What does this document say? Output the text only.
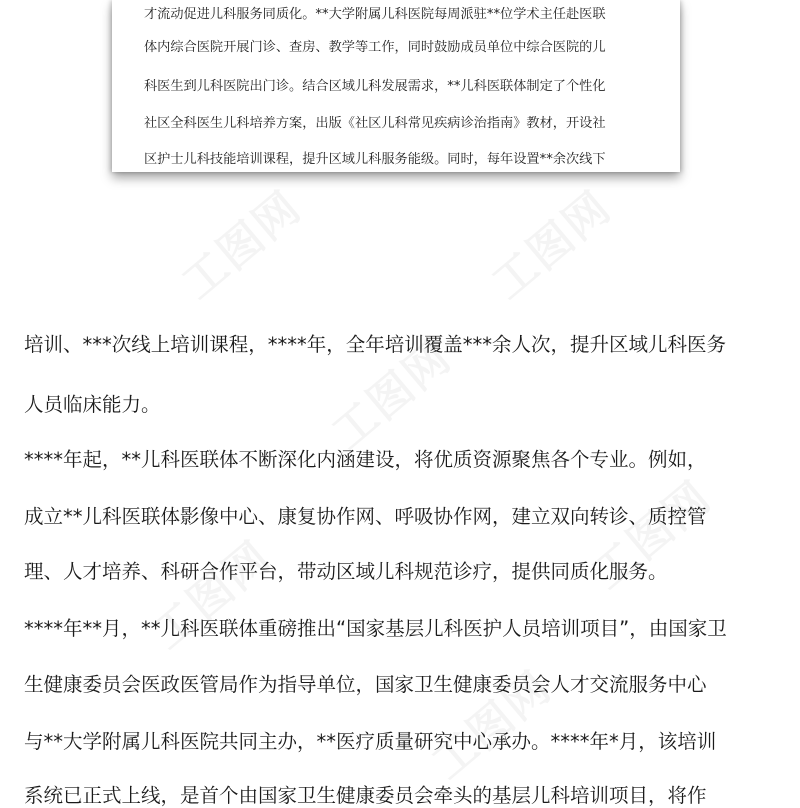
才流动促进儿科服务同质化。**大学附属儿科医院每周派驻**位学术主任赴医联
体内综合医院开展门诊、查房、教学等工作，同时鼓励成员单位中综合医院的儿
科医生到儿科医院出门诊。结合区域儿科发展需求，**儿科医联体制定了个性化
社区全科医生儿科培养方案，出版《社区儿科常见疾病诊治指南》教材，开设社
区护士儿科技能培训课程，提升区域儿科服务能级。同时，每年设置**余次线下
培训、***次线上培训课程，****年，全年培训覆盖***余人次，提升区域儿科医务
人员临床能力。
****年起，**儿科医联体不断深化内涵建设，将优质资源聚焦各个专业。例如，
成立**儿科医联体影像中心、康复协作网、呼吸协作网，建立双向转诊、质控管
理、人才培养、科研合作平台，带动区域儿科规范诊疗，提供同质化服务。
****年**月，**儿科医联体重磅推出“国家基层儿科医护人员培训项目”，由国家卫
生健康委员会医政医管局作为指导单位，国家卫生健康委员会人才交流服务中心
与**大学附属儿科医院共同主办，**医疗质量研究中心承办。****年*月，该培训
系统已正式上线，是首个由国家卫生健康委员会牵头的基层儿科培训项目，将作
